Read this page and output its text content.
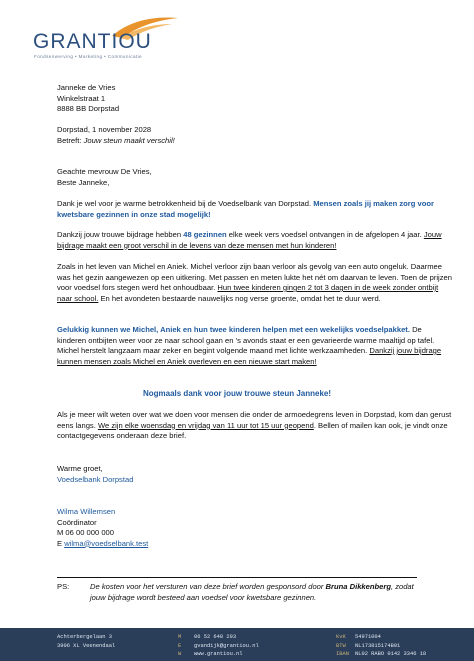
GRANTIOU
Fondsenwerving • Marketing • Communicatie
Janneke de Vries
Winkelstraat 1
8888 BB Dorpstad
Dorpstad, 1 november 2028
Betreft: Jouw steun maakt verschil!
Geachte mevrouw De Vries,
Beste Janneke,
Dank je wel voor je warme betrokkenheid bij de Voedselbank van Dorpstad. Mensen zoals jij maken zorg voor kwetsbare gezinnen in onze stad mogelijk!
Dankzij jouw trouwe bijdrage hebben 48 gezinnen elke week vers voedsel ontvangen in de afgelopen 4 jaar. Jouw bijdrage maakt een groot verschil in de levens van deze mensen met hun kinderen!
Zoals in het leven van Michel en Aniek. Michel verloor zijn baan verloor als gevolg van een auto ongeluk. Daarmee was het gezin aangewezen op een uitkering. Met passen en meten lukte het nét om daarvan te leven. Toen de prijzen voor voedsel fors stegen werd het onhoudbaar. Hun twee kinderen gingen 2 tot 3 dagen in de week zonder ontbijt naar school. En het avondeten bestaarde nauwelijks nog verse groente, omdat het te duur werd.
Gelukkig kunnen we Michel, Aniek en hun twee kinderen helpen met een wekelijks voedselpakket. De kinderen ontbijten weer voor ze naar school gaan en ’s avonds staat er een gevarieerde warme maaltijd op tafel. Michel herstelt langzaam maar zeker en begint volgende maand met lichte werkzaamheden. Dankzij jouw bijdrage kunnen mensen zoals Michel en Aniek overleven en een nieuwe start maken!
Nogmaals dank voor jouw trouwe steun Janneke!
Als je meer wilt weten over wat we doen voor mensen die onder de armoedegrens leven in Dorpstad, kom dan gerust eens langs. We zijn elke woensdag en vrijdag van 11 uur tot 15 uur geopend. Bellen of mailen kan ook, je vindt onze contactgegevens onderaan deze brief.
Warme groet,
Voedselbank Dorpstad
Wilma Willemsen
Coördinator
M 06 00 000 000
E wilma@voedselbank.test
PS:	De kosten voor het versturen van deze brief worden gesponsord door Bruna Dikkenberg, zodat jouw bijdrage wordt besteed aan voedsel voor kwetsbare gezinnen.
Achterbergelaan 3
3906 XL Veenendaal
M 06 52 648 293
E gvandijk@grantiou.nl
W www.grantiou.nl
KvK 54971004
BTW NL173815174B01
IBAN NL02 RABO 0142 3346 18
